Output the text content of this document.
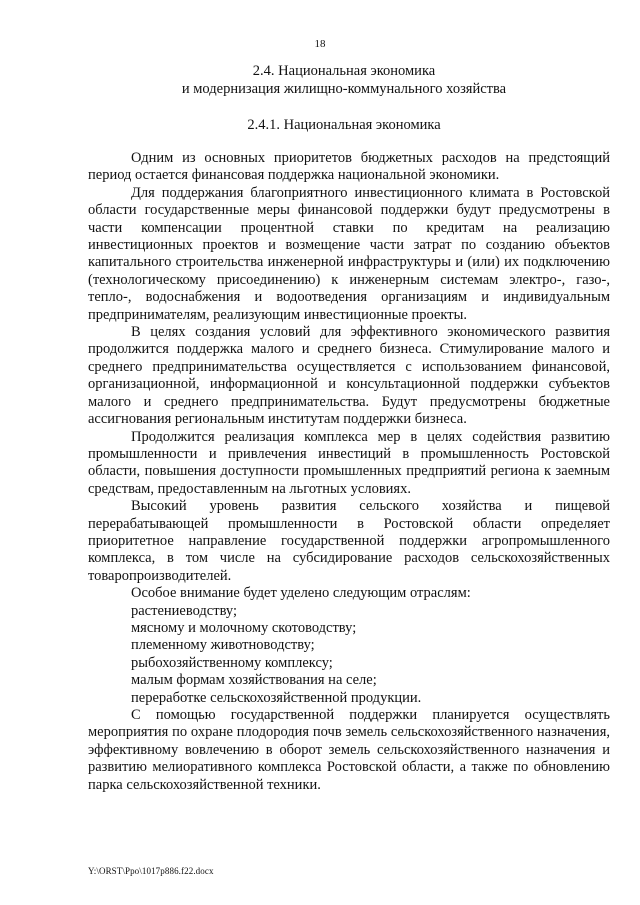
18
2.4. Национальная экономика
и модернизация жилищно-коммунального хозяйства
2.4.1. Национальная экономика

Одним из основных приоритетов бюджетных расходов на предстоящий период остается финансовая поддержка национальной экономики.

Для поддержания благоприятного инвестиционного климата в Ростовской области государственные меры финансовой поддержки будут предусмотрены в части компенсации процентной ставки по кредитам на реализацию инвестиционных проектов и возмещение части затрат по созданию объектов капитального строительства инженерной инфраструктуры и (или) их подключению (технологическому присоединению) к инженерным системам электро-, газо-, тепло-, водоснабжения и водоотведения организациям и индивидуальным предпринимателям, реализующим инвестиционные проекты.

В целях создания условий для эффективного экономического развития продолжится поддержка малого и среднего бизнеса. Стимулирование малого и среднего предпринимательства осуществляется с использованием финансовой, организационной, информационной и консультационной поддержки субъектов малого и среднего предпринимательства. Будут предусмотрены бюджетные ассигнования региональным институтам поддержки бизнеса.

Продолжится реализация комплекса мер в целях содействия развитию промышленности и привлечения инвестиций в промышленность Ростовской области, повышения доступности промышленных предприятий региона к заемным средствам, предоставленным на льготных условиях.

Высокий уровень развития сельского хозяйства и пищевой перерабатывающей промышленности в Ростовской области определяет приоритетное направление государственной поддержки агропромышленного комплекса, в том числе на субсидирование расходов сельскохозяйственных товаропроизводителей.

Особое внимание будет уделено следующим отраслям:

растениеводству;
мясному и молочному скотоводству;
племенному животноводству;
рыбохозяйственному комплексу;
малым формам хозяйствования на селе;
переработке сельскохозяйственной продукции.

С помощью государственной поддержки планируется осуществлять мероприятия по охране плодородия почв земель сельскохозяйственного назначения, эффективному вовлечению в оборот земель сельскохозяйственного назначения и развитию мелиоративного комплекса Ростовской области, а также по обновлению парка сельскохозяйственной техники.

Y:\ORST\Ppo\1017p886.f22.docx
